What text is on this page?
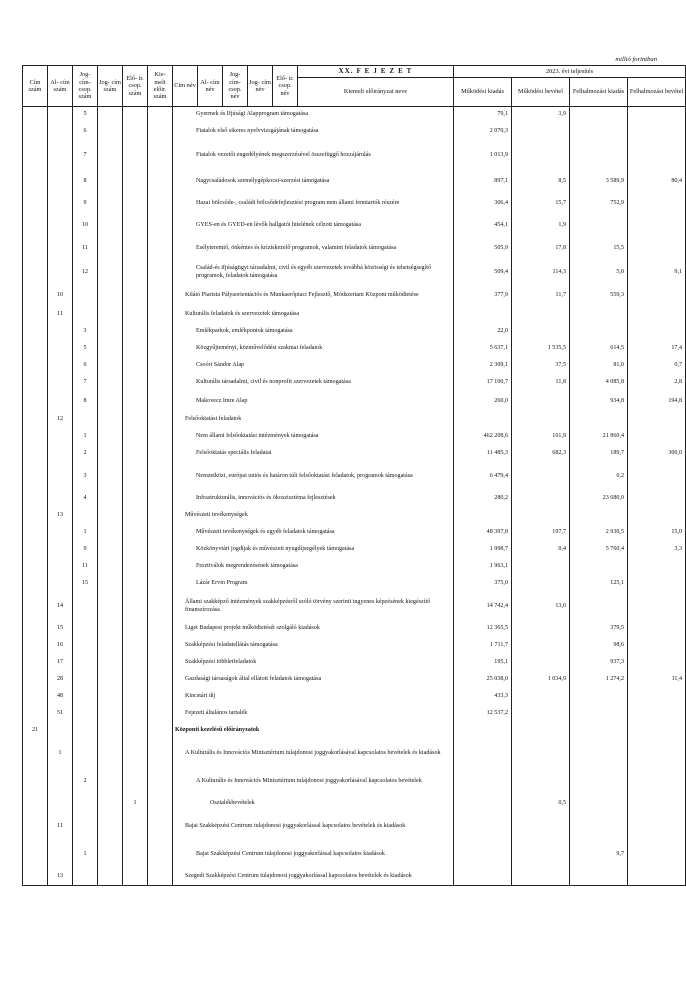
millió forintban
Cím szám	Al- cím szám	Jog- cím- csop. szám	Jog- cím szám	Elő- ir. csop. szám	Kie- melt előir. szám	Cím név	Al- cím név	Jog- cím- csop. név	Jog- cím név	Elő- ir. csop. név	XX. F E J E Z E T	2023. évi teljesítés			
											Kiemelt előirányzat neve	Működési kiadás	Működési bevétel	Felhalmozási kiadás	Felhalmozási bevétel
		5				Gyermek és Ifjúsági Alapprogram támogatása						79,1	3,9		
		6				Fiatalok első sikeres nyelvvizsgájának támogatása						2 070,3			
		7				Fiatalok vezetői engedélyének megszerzésével összefüggő hozzájárulás						1 013,9			
		8				Nagycsaládosok személygépkocsi-szerzési támogatása						897,1	8,5	3 589,9	80,4
		9				Hazai bölcsőde-, családi bölcsődefejlesztési program nem állami fenntartók részére						306,4	15,7	752,9	
		10				GYES-en és GYED-en lévők hallgatói hitelének célzott támogatása						454,1	1,9		
		11				Esélyteremtő, önkéntes és kríziskezelő programok, valamint feladatok támogatása						505,9	17,8	15,5	
		12				Család-és ifjúságügyi társadalmi, civil és egyéb szervezetek továbbá közösségi és tehetségsegítő programok, feladatok támogatása						509,4	114,3	5,0	9,1
	10					Kilátó Piarista Pályaorientációs és Munkaerőpiaci Fejlesztő, Módszertani Központ működtetése						377,9	11,7	559,3	
	11					Kulturális feladatok és szervezetek támogatása									
		3				Emlékparkok, emlékpontok támogatása						22,0			
		5				Közgyűjteményi, közművelődési szakmai feladatok						5 637,1	1 535,5	614,5	17,4
		6				Csoóri Sándor Alap						2 309,1	37,5	81,0	0,7
		7				Kulturális társadalmi, civil és nonprofit szervezetek támogatása						17 100,7	11,8	4 085,8	2,8
		8				Makovecz Imre Alap						260,0		934,8	194,8
	12					Felsőoktatási feladatok									
		1				Nem állami felsőoktatási intézmények támogatása						462 208,6	161,9	21 860,4	
		2				Felsőoktatás speciális feladatai						11 485,3	682,3	189,7	300,0
		3				Nemzetközi, európai uniós és határon túli felsőoktatási feladatok, programok támogatása						6 479,4		0,2	
		4				Infrastrukturális, innovációs és ökoszisztéma fejlesztések						280,2		23 680,0	
	13					Művészeti tevékenységek									
		1				Művészeti tevékenységek és egyéb feladatok támogatása						48 397,8	197,7	2 930,5	15,0
		9				Közkönyvtári jogdíjak és művészeti nyugdíjsegélyek támogatása						1 998,7	0,4	5 760,4	3,3
		11				Fesztiválok megrendezésének támogatása						1 963,1			
		15				Lázár Ervin Program						375,0		125,1	
	14					Állami szakképző intézmények szakképzésről szóló törvény szerinti ingyenes képzésének kiegészítő finanszírozása						14 742,4	13,0		
	15					Liget Budapest projekt működtetését szolgáló kiadások						12 365,5		379,5	
	16					Szakképzési feladatellátás támogatása						1 711,7		98,6	
	17					Szakképzési többletfeladatok						195,1		937,3	
	28					Gazdasági társaságok által ellátott feladatok támogatása						25 038,0	1 034,9	1 274,2	11,4
	48					Kincstári díj						433,3			
	51					Fejezeti általános tartalék						12 537,2			
21						Központi kezelésű előirányzatok									
	1					A Kulturális és Innovációs Minisztérium tulajdonosi joggyakorlásával kapcsolatos bevételek és kiadások									
		2				A Kulturális és Innovációs Minisztérium tulajdonosi joggyakorlásával kapcsolatos bevételek									
				1		Osztalékbevételek							0,5		
	11					Bajai Szakképzési Centrum tulajdonosi joggyakorlással kapcsolatos bevételek és kiadások									
		1				Bajai Szakképzési Centrum tulajdonosi joggyakorlással kapcsolatos kiadások								9,7	
	13					Szegedi Szakképzési Centrum tulajdonosi joggyakorlással kapcsolatos bevételek és kiadások									
